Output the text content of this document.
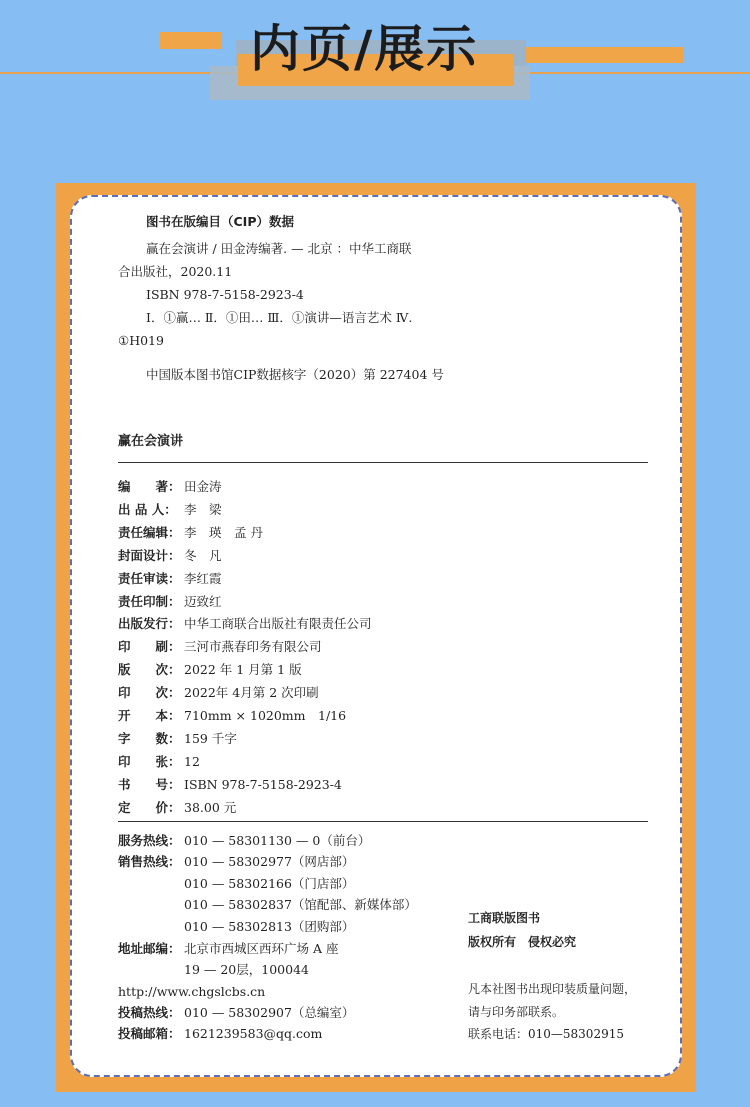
内页/展示
图书在版编目（CIP）数据
赢在会演讲 / 田金涛编著. — 北京 ：中华工商联
合出版社，2020.11
ISBN 978-7-5158-2923-4
Ⅰ．①赢… Ⅱ．①田… Ⅲ．①演讲—语言艺术 Ⅳ.
①H019
中国版本图书馆CIP数据核字（2020）第 227404 号
赢在会演讲
编　　著： 田金涛
出 品 人： 李　梁
责任编辑： 李　瑛　孟 丹
封面设计： 冬　凡
责任审读： 李红霞
责任印制： 迈致红
出版发行： 中华工商联合出版社有限责任公司
印　　刷： 三河市燕春印务有限公司
版　　次： 2022 年 1 月第 1 版
印　　次： 2022年 4月第 2 次印刷
开　　本： 710mm × 1020mm　1/16
字　　数： 159 千字
印　　张： 12
书　　号： ISBN 978-7-5158-2923-4
定　　价： 38.00 元
服务热线： 010 — 58301130 — 0（前台）
销售热线： 010 — 58302977（网店部）
010 — 58302166（门店部）
010 — 58302837（馆配部、新媒体部）
010 — 58302813（团购部）
地址邮编： 北京市西城区西环广场 A 座
19 — 20层，100044
http://www.chgslcbs.cn
投稿热线： 010 — 58302907（总编室）
投稿邮箱： 1621239583@qq.com
工商联版图书
版权所有　侵权必究
凡本社图书出现印装质量问题，
请与印务部联系。
联系电话：010—58302915
